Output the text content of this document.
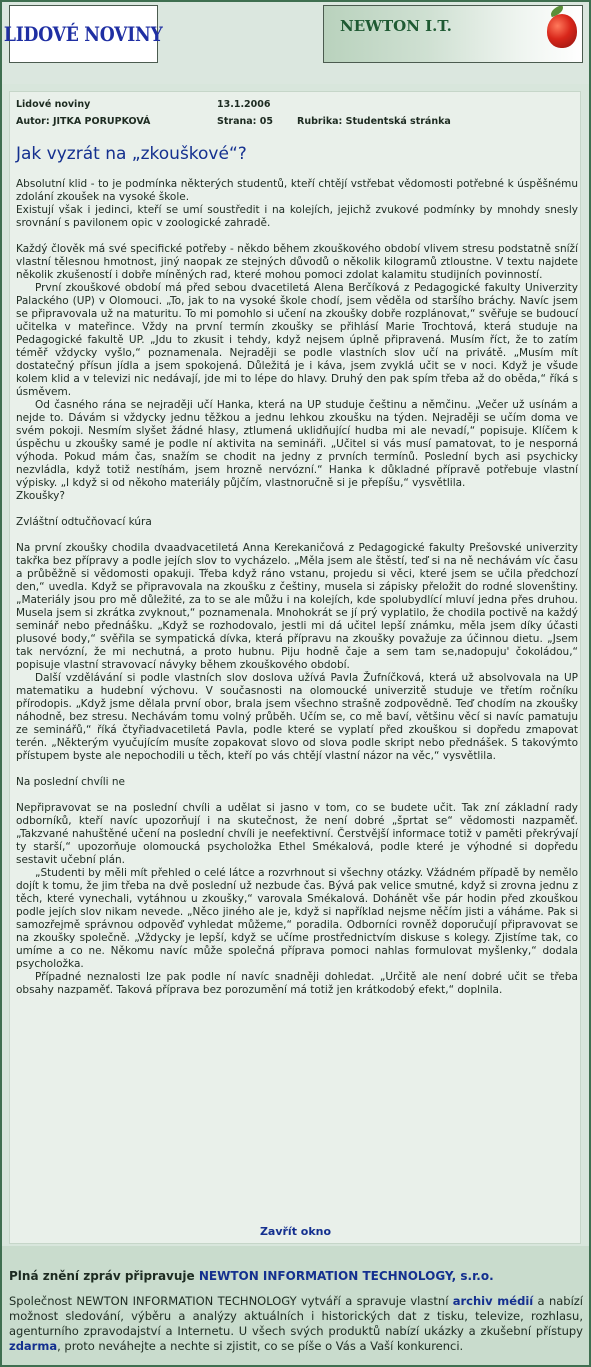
LIDOVÉ NOVINY	NEWTON I.T.
Lidové noviny	13.1.2006
Autor: JITKA PORUPKOVÁ	Strana: 05	Rubrika: Studentská stránka
Jak vyzrát na „zkouškové“?

Absolutní klid - to je podmínka některých studentů, kteří chtějí vstřebat vědomosti potřebné k úspěšnému zdolání zkoušek na vysoké škole.

Existují však i jedinci, kteří se umí soustředit i na kolejích, jejichž zvukové podmínky by mnohdy snesly srovnání s pavilonem opic v zoologické zahradě.

Každý člověk má své specifické potřeby - někdo během zkouškového období vlivem stresu podstatně sníží vlastní tělesnou hmotnost, jiný naopak ze stejných důvodů o několik kilogramů ztloustne. V textu najdete několik zkušeností i dobře míněných rad, které mohou pomoci zdolat kalamitu studijních povinností.

První zkouškové období má před sebou dvacetiletá Alena Berčíková z Pedagogické fakulty Univerzity Palackého (UP) v Olomouci. „To, jak to na vysoké škole chodí, jsem věděla od staršího bráchy. Navíc jsem se připravovala už na maturitu. To mi pomohlo si učení na zkoušky dobře rozplánovat,“ svěřuje se budoucí učitelka v mateřince. Vždy na první termín zkoušky se přihlásí Marie Trochtová, která studuje na Pedagogické fakultě UP. „Jdu to zkusit i tehdy, když nejsem úplně připravená. Musím říct, že to zatím téměř vždycky vyšlo,“ poznamenala. Nejraději se podle vlastních slov učí na privátě. „Musím mít dostatečný přísun jídla a jsem spokojená. Důležitá je i káva, jsem zvyklá učit se v noci. Když je všude kolem klid a v televizi nic nedávají, jde mi to lépe do hlavy. Druhý den pak spím třeba až do oběda,“ říká s úsměvem.

Od časného rána se nejraději učí Hanka, která na UP studuje češtinu a němčinu. „Večer už usínám a nejde to. Dávám si vždycky jednu těžkou a jednu lehkou zkoušku na týden. Nejraději se učím doma ve svém pokoji. Nesmím slyšet žádné hlasy, ztlumená uklidňující hudba mi ale nevadí,“ popisuje. Klíčem k úspěchu u zkoušky samé je podle ní aktivita na semináři. „Učitel si vás musí pamatovat, to je nesporná výhoda. Pokud mám čas, snažím se chodit na jedny z prvních termínů. Poslední bych asi psychicky nezvládla, když totiž nestíhám, jsem hrozně nervózní.“ Hanka k důkladné přípravě potřebuje vlastní výpisky. „I když si od někoho materiály půjčím, vlastnoručně si je přepíšu,“ vysvětlila.

Zkoušky?

Zvláštní odtučňovací kúra

Na první zkoušky chodila dvaadvacetiletá Anna Kerekaničová z Pedagogické fakulty Prešovské univerzity takřka bez přípravy a podle jejích slov to vycházelo. „Měla jsem ale štěstí, teď si na ně nechávám víc času a průběžně si vědomosti opakuji. Třeba když ráno vstanu, projedu si věci, které jsem se učila předchozí den,“ uvedla. Když se připravovala na zkoušku z češtiny, musela si zápisky přeložit do rodné slovenštiny. „Materiály jsou pro mě důležité, za to se ale můžu i na kolejích, kde spolubydlící mluví jedna přes druhou. Musela jsem si zkrátka zvyknout,“ poznamenala. Mnohokrát se jí prý vyplatilo, že chodila poctivě na každý seminář nebo přednášku. „Když se rozhodovalo, jestli mi dá učitel lepší známku, měla jsem díky účasti plusové body,“ svěřila se sympatická dívka, která přípravu na zkoušky považuje za účinnou dietu. „Jsem tak nervózní, že mi nechutná, a proto hubnu. Piju hodně čaje a sem tam se,nadopuju' čokoládou,“ popisuje vlastní stravovací návyky během zkouškového období.

Další vzdělávání si podle vlastních slov doslova užívá Pavla Žufníčková, která už absolvovala na UP matematiku a hudební výchovu. V současnosti na olomoucké univerzitě studuje ve třetím ročníku přírodopis. „Když jsme dělala první obor, brala jsem všechno strašně zodpovědně. Teď chodím na zkoušky náhodně, bez stresu. Nechávám tomu volný průběh. Učím se, co mě baví, většinu věcí si navíc pamatuju ze seminářů,“ říká čtyřiadvacetiletá Pavla, podle které se vyplatí před zkouškou si dopředu zmapovat terén. „Některým vyučujícím musíte zopakovat slovo od slova podle skript nebo přednášek. S takovýmto přístupem byste ale nepochodili u těch, kteří po vás chtějí vlastní názor na věc,“ vysvětlila.

Na poslední chvíli ne

Nepřipravovat se na poslední chvíli a udělat si jasno v tom, co se budete učit. Tak zní základní rady odborníků, kteří navíc upozorňují i na skutečnost, že není dobré „šprtat se“ vědomosti nazpaměť. „Takzvané nahuštěné učení na poslední chvíli je neefektivní. Čerstvější informace totiž v paměti překrývají ty starší,“ upozorňuje olomoucká psycholožka Ethel Smékalová, podle které je výhodné si dopředu sestavit učební plán.

„Studenti by měli mít přehled o celé látce a rozvrhnout si všechny otázky. Vžádném případě by nemělo dojít k tomu, že jim třeba na dvě poslední už nezbude čas. Bývá pak velice smutné, když si zrovna jednu z těch, které vynechali, vytáhnou u zkoušky,“ varovala Smékalová. Dohánět vše pár hodin před zkouškou podle jejích slov nikam nevede. „Něco jiného ale je, když si například nejsme něčím jisti a váháme. Pak si samozřejmě správnou odpověď vyhledat můžeme,“ poradila. Odborníci rovněž doporučují připravovat se na zkoušky společně. „Vždycky je lepší, když se učíme prostřednictvím diskuse s kolegy. Zjistíme tak, co umíme a co ne. Někomu navíc může společná příprava pomoci nahlas formulovat myšlenky,“ dodala psycholožka.

Případné neznalosti lze pak podle ní navíc snadněji dohledat. „Určitě ale není dobré učit se třeba obsahy nazpaměť. Taková příprava bez porozumění má totiž jen krátkodobý efekt,“ doplnila.

Zavřít okno
Plná znění zpráv připravuje NEWTON INFORMATION TECHNOLOGY, s.r.o.
Společnost NEWTON INFORMATION TECHNOLOGY vytváří a spravuje vlastní archiv médií a nabízí možnost sledování, výběru a analýzy aktuálních i historických dat z tisku, televize, rozhlasu, agenturního zpravodajství a Internetu. U všech svých produktů nabízí ukázky a zkušební přístupy zdarma, proto neváhejte a nechte si zjistit, co se píše o Vás a Vaší konkurenci.
